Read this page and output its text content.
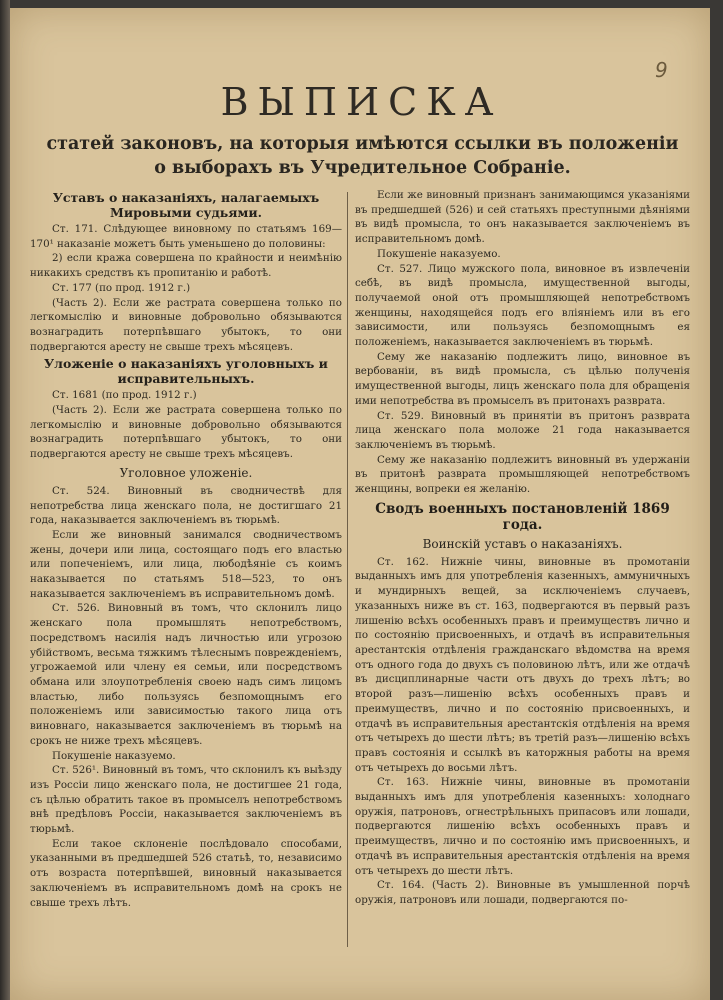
9
ВЫПИСКА
статей законовъ, на которыя имѣются ссылки въ положеніи о выборахъ въ Учредительное Собраніе.
Уставъ о наказаніяхъ, налагаемыхъ Мировыми судьями.

Ст. 171. Слѣдующее виновному по статьямъ 169—170¹ наказаніе можетъ быть уменьшено до половины:

2) если кража совершена по крайности и неимѣнію никакихъ средствъ къ пропитанію и работѣ.

Ст. 177 (по прод. 1912 г.)

(Часть 2). Если же растрата совершена только по легкомыслію и виновные добровольно обязываются вознаградить потерпѣвшаго убытокъ, то они подвергаются аресту не свыше трехъ мѣсяцевъ.

Уложеніе о наказаніяхъ уголовныхъ и исправительныхъ.

Ст. 1681 (по прод. 1912 г.)

(Часть 2). Если же растрата совершена только по легкомыслію и виновные добровольно обязываются вознаградить потерпѣвшаго убытокъ, то они подвергаются аресту не свыше трехъ мѣсяцевъ.

Уголовное уложеніе.

Ст. 524. Виновный въ сводничествѣ для непотребства лица женскаго пола, не достигшаго 21 года, наказывается заключеніемъ въ тюрьмѣ.

Если же виновный занимался сводничествомъ жены, дочери или лица, состоящаго подъ его властью или попеченіемъ, или лица, любодѣяніе съ коимъ наказывается по статьямъ 518—523, то онъ наказывается заключеніемъ въ исправительномъ домѣ.

Ст. 526. Виновный въ томъ, что склонилъ лицо женскаго пола промышлять непотребствомъ, посредствомъ насилія надъ личностью или угрозою убійствомъ, весьма тяжкимъ тѣлеснымъ поврежденіемъ, угрожаемой или члену ея семьи, или посредствомъ обмана или злоупотребленія своею надъ симъ лицомъ властью, либо пользуясь безпомощнымъ его положеніемъ или зависимостью такого лица отъ виновнаго, наказывается заключеніемъ въ тюрьмѣ на срокъ не ниже трехъ мѣсяцевъ.

Покушеніе наказуемо.

Ст. 526¹. Виновный въ томъ, что склонилъ къ выѣзду изъ Россіи лицо женскаго пола, не достигшее 21 года, съ цѣлью обратить такое въ промыселъ непотребствомъ внѣ предѣловъ Россіи, наказывается заключеніемъ въ тюрьмѣ.

Если такое склоненіе послѣдовало способами, указанными въ предшедшей 526 статьѣ, то, независимо отъ возраста потерпѣвшей, виновный наказывается заключеніемъ въ исправительномъ домѣ на срокъ не свыше трехъ лѣтъ.

Если же виновный признанъ занимающимся указаніями въ предшедшей (526) и сей статьяхъ преступными дѣяніями въ видѣ промысла, то онъ наказывается заключеніемъ въ исправительномъ домѣ.

Покушеніе наказуемо.

Ст. 527. Лицо мужского пола, виновное въ извлеченіи себѣ, въ видѣ промысла, имущественной выгоды, получаемой оной отъ промышляющей непотребствомъ женщины, находящейся подъ его вліяніемъ или въ его зависимости, или пользуясь безпомощнымъ ея положеніемъ, наказывается заключеніемъ въ тюрьмѣ.

Сему же наказанію подлежитъ лицо, виновное въ вербованіи, въ видѣ промысла, съ цѣлью полученія имущественной выгоды, лицъ женскаго пола для обращенія ими непотребства въ промыселъ въ притонахъ разврата.

Ст. 529. Виновный въ принятіи въ притонъ разврата лица женскаго пола моложе 21 года наказывается заключеніемъ въ тюрьмѣ.

Сему же наказанію подлежитъ виновный въ удержаніи въ притонѣ разврата промышляющей непотребствомъ женщины, вопреки ея желанію.

Сводъ военныхъ постановленій 1869 года.
Воинскій уставъ о наказаніяхъ.

Ст. 162. Нижніе чины, виновные въ промотаніи выданныхъ имъ для употребленія казенныхъ, аммуничныхъ и мундирныхъ вещей, за исключеніемъ случаевъ, указанныхъ ниже въ ст. 163, подвергаются въ первый разъ лишенію всѣхъ особенныхъ правъ и преимуществъ лично и по состоянію присвоенныхъ, и отдачѣ въ исправительныя арестантскія отдѣленія гражданскаго вѣдомства на время отъ одного года до двухъ съ половиною лѣтъ, или же отдачѣ въ дисциплинарные части отъ двухъ до трехъ лѣтъ; во второй разъ—лишенію всѣхъ особенныхъ правъ и преимуществъ, лично и по состоянію присвоенныхъ, и отдачѣ въ исправительныя арестантскія отдѣленія на время отъ четырехъ до шести лѣтъ; въ третій разъ—лишенію всѣхъ правъ состоянія и ссылкѣ въ каторжныя работы на время отъ четырехъ до восьми лѣтъ.

Ст. 163. Нижніе чины, виновные въ промотаніи выданныхъ имъ для употребленія казенныхъ: холоднаго оружія, патроновъ, огнестрѣльныхъ припасовъ или лошади, подвергаются лишенію всѣхъ особенныхъ правъ и преимуществъ, лично и по состоянію имъ присвоенныхъ, и отдачѣ въ исправительныя арестантскія отдѣленія на время отъ четырехъ до шести лѣтъ.

Ст. 164. (Часть 2). Виновные въ умышленной порчѣ оружія, патроновъ или лошади, подвергаются по-
